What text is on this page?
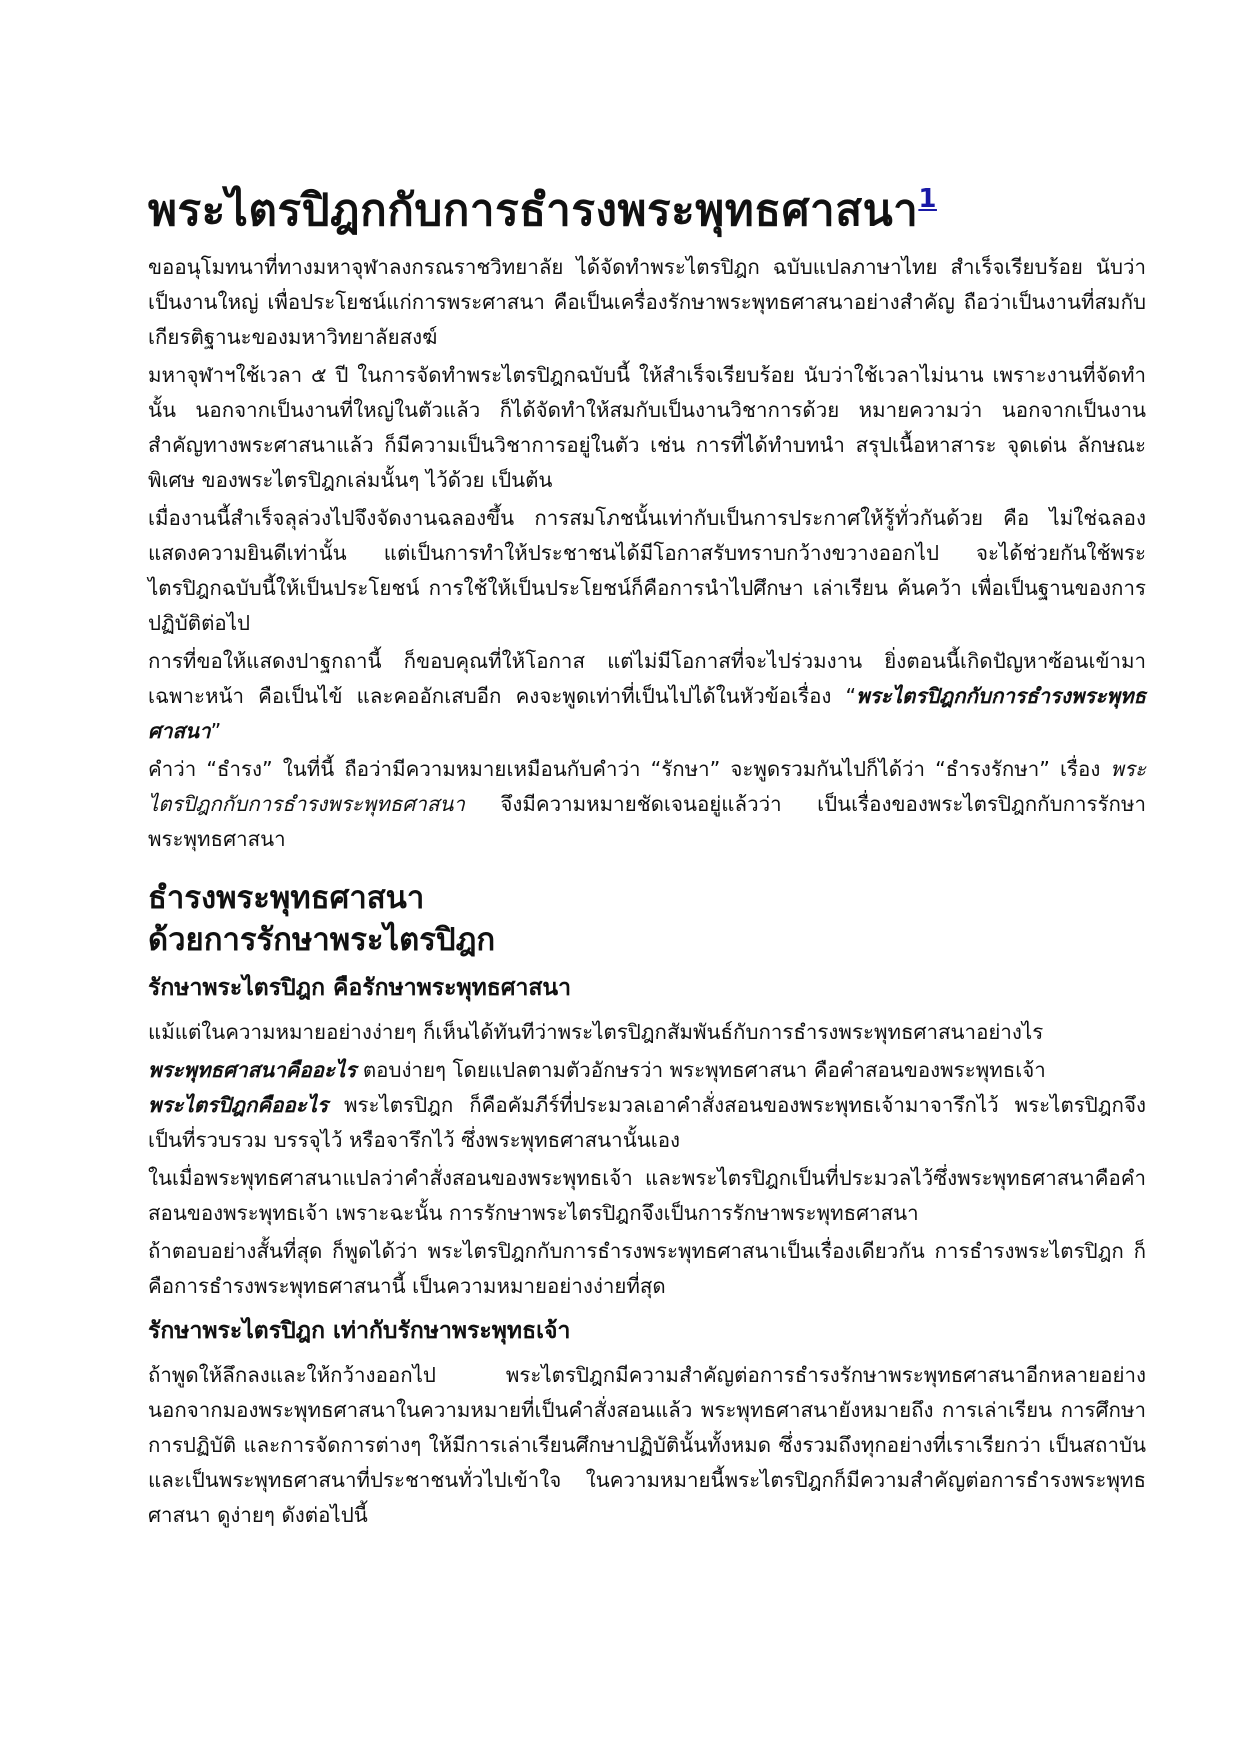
พระไตรปิฎกกับการธำรงพระพุทธศาสนา$^1$

ขออนุโมทนาที่ทางมหาจุฬาลงกรณราชวิทยาลัย ได้จัดทำพระไตรปิฎก ฉบับแปลภาษาไทย สำเร็จเรียบร้อย นับว่าเป็นงานใหญ่ เพื่อประโยชน์แก่การพระศาสนา คือเป็นเครื่องรักษาพระพุทธศาสนาอย่างสำคัญ ถือว่าเป็นงานที่สมกับเกียรติฐานะของมหาวิทยาลัยสงฆ์

มหาจุฬาฯใช้เวลา ๕ ปี ในการจัดทำพระไตรปิฎกฉบับนี้ ให้สำเร็จเรียบร้อย นับว่าใช้เวลาไม่นาน เพราะงานที่จัดทำนั้น นอกจากเป็นงานที่ใหญ่ในตัวแล้ว ก็ได้จัดทำให้สมกับเป็นงานวิชาการด้วย หมายความว่า นอกจากเป็นงานสำคัญทางพระศาสนาแล้ว ก็มีความเป็นวิชาการอยู่ในตัว เช่น การที่ได้ทำบทนำ สรุปเนื้อหาสาระ จุดเด่น ลักษณะพิเศษ ของพระไตรปิฎกเล่มนั้นๆ ไว้ด้วย เป็นต้น

เมื่องานนี้สำเร็จลุล่วงไปจึงจัดงานฉลองขึ้น การสมโภชนั้นเท่ากับเป็นการประกาศให้รู้ทั่วกันด้วย คือ ไม่ใช่ฉลองแสดงความยินดีเท่านั้น แต่เป็นการทำให้ประชาชนได้มีโอกาสรับทราบกว้างขวางออกไป จะได้ช่วยกันใช้พระไตรปิฎกฉบับนี้ให้เป็นประโยชน์ การใช้ให้เป็นประโยชน์ก็คือการนำไปศึกษา เล่าเรียน ค้นคว้า เพื่อเป็นฐานของการปฏิบัติต่อไป

การที่ขอให้แสดงปาฐกถานี้ ก็ขอบคุณที่ให้โอกาส แต่ไม่มีโอกาสที่จะไปร่วมงาน ยิ่งตอนนี้เกิดปัญหาซ้อนเข้ามาเฉพาะหน้า คือเป็นไข้ และคออักเสบอีก คงจะพูดเท่าที่เป็นไปได้ในหัวข้อเรื่อง “พระไตรปิฎกกับการธำรงพระพุทธศาสนา”

คำว่า “ธำรง” ในที่นี้ ถือว่ามีความหมายเหมือนกับคำว่า “รักษา” จะพูดรวมกันไปก็ได้ว่า “ธำรงรักษา” เรื่อง พระไตรปิฎกกับการธำรงพระพุทธศาสนา จึงมีความหมายชัดเจนอยู่แล้วว่า เป็นเรื่องของพระไตรปิฎกกับการรักษาพระพุทธศาสนา

ธำรงพระพุทธศาสนา
ด้วยการรักษาพระไตรปิฎก
รักษาพระไตรปิฎก คือรักษาพระพุทธศาสนา

แม้แต่ในความหมายอย่างง่ายๆ ก็เห็นได้ทันทีว่าพระไตรปิฎกสัมพันธ์กับการธำรงพระพุทธศาสนาอย่างไร

พระพุทธศาสนาคืออะไร ตอบง่ายๆ โดยแปลตามตัวอักษรว่า พระพุทธศาสนา คือคำสอนของพระพุทธเจ้า

พระไตรปิฎกคืออะไร พระไตรปิฎก ก็คือคัมภีร์ที่ประมวลเอาคำสั่งสอนของพระพุทธเจ้ามาจารึกไว้ พระไตรปิฎกจึงเป็นที่รวบรวม บรรจุไว้ หรือจารึกไว้ ซึ่งพระพุทธศาสนานั้นเอง

ในเมื่อพระพุทธศาสนาแปลว่าคำสั่งสอนของพระพุทธเจ้า และพระไตรปิฎกเป็นที่ประมวลไว้ซึ่งพระพุทธศาสนาคือคำสอนของพระพุทธเจ้า เพราะฉะนั้น การรักษาพระไตรปิฎกจึงเป็นการรักษาพระพุทธศาสนา

ถ้าตอบอย่างสั้นที่สุด ก็พูดได้ว่า พระไตรปิฎกกับการธำรงพระพุทธศาสนาเป็นเรื่องเดียวกัน การธำรงพระไตรปิฎก ก็คือการธำรงพระพุทธศาสนานี้ เป็นความหมายอย่างง่ายที่สุด

รักษาพระไตรปิฎก เท่ากับรักษาพระพุทธเจ้า

ถ้าพูดให้ลึกลงและให้กว้างออกไป พระไตรปิฎกมีความสำคัญต่อการธำรงรักษาพระพุทธศาสนาอีกหลายอย่าง นอกจากมองพระพุทธศาสนาในความหมายที่เป็นคำสั่งสอนแล้ว พระพุทธศาสนายังหมายถึง การเล่าเรียน การศึกษา การปฏิบัติ และการจัดการต่างๆ ให้มีการเล่าเรียนศึกษาปฏิบัตินั้นทั้งหมด ซึ่งรวมถึงทุกอย่างที่เราเรียกว่า เป็นสถาบันและเป็นพระพุทธศาสนาที่ประชาชนทั่วไปเข้าใจ ในความหมายนี้พระไตรปิฎกก็มีความสำคัญต่อการธำรงพระพุทธศาสนา ดูง่ายๆ ดังต่อไปนี้
